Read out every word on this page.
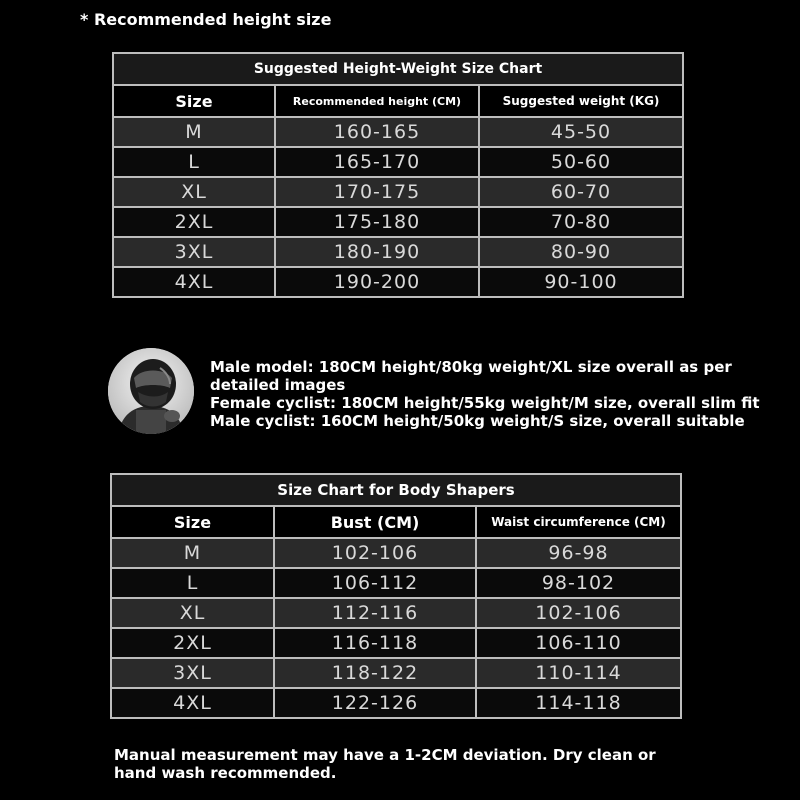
* Recommended height size
Suggested Height-Weight Size Chart		
Size	Recommended height (CM)	Suggested weight (KG)
M	160-165	45-50
L	165-170	50-60
XL	170-175	60-70
2XL	175-180	70-80
3XL	180-190	80-90
4XL	190-200	90-100
Male model: 180CM height/80kg weight/XL size overall as per
detailed images
Female cyclist: 180CM height/55kg weight/M size, overall slim fit
Male cyclist: 160CM height/50kg weight/S size, overall suitable
Size Chart for Body Shapers		
Size	Bust (CM)	Waist circumference (CM)
M	102-106	96-98
L	106-112	98-102
XL	112-116	102-106
2XL	116-118	106-110
3XL	118-122	110-114
4XL	122-126	114-118
Manual measurement may have a 1-2CM deviation. Dry clean or
hand wash recommended.
